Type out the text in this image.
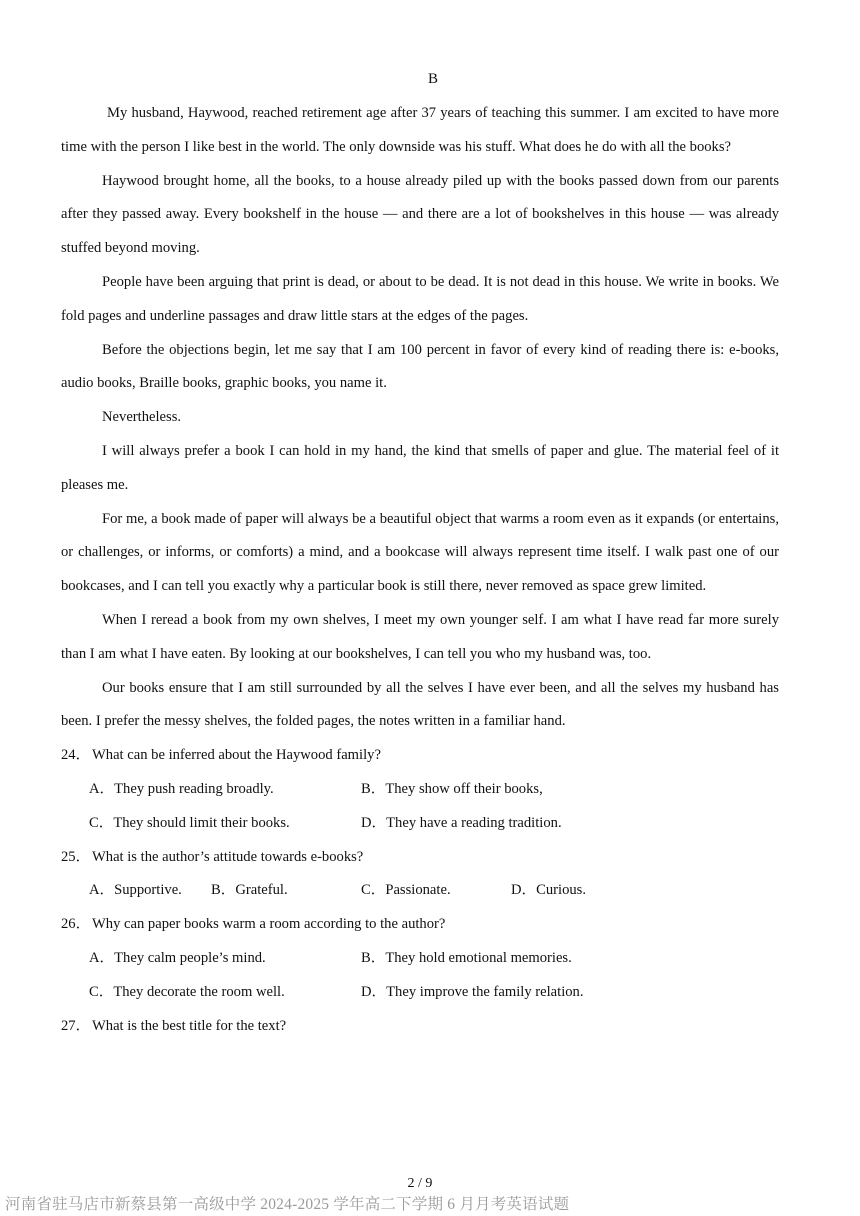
B

My husband, Haywood, reached retirement age after 37 years of teaching this summer. I am excited to have more time with the person I like best in the world. The only downside was his stuff. What does he do with all the books?

Haywood brought home, all the books, to a house already piled up with the books passed down from our parents after they passed away. Every bookshelf in the house — and there are a lot of bookshelves in this house — was already stuffed beyond moving.

People have been arguing that print is dead, or about to be dead. It is not dead in this house. We write in books. We fold pages and underline passages and draw little stars at the edges of the pages.

Before the objections begin, let me say that I am 100 percent in favor of every kind of reading there is: e-books, audio books, Braille books, graphic books, you name it.

Nevertheless.

I will always prefer a book I can hold in my hand, the kind that smells of paper and glue. The material feel of it pleases me.

For me, a book made of paper will always be a beautiful object that warms a room even as it expands (or entertains, or challenges, or informs, or comforts) a mind, and a bookcase will always represent time itself. I walk past one of our bookcases, and I can tell you exactly why a particular book is still there, never removed as space grew limited.

When I reread a book from my own shelves, I meet my own younger self. I am what I have read far more surely than I am what I have eaten. By looking at our bookshelves, I can tell you who my husband was, too.

Our books ensure that I am still surrounded by all the selves I have ever been, and all the selves my husband has been. I prefer the messy shelves, the folded pages, the notes written in a familiar hand.

24． What can be inferred about the Haywood family?
A．They push reading broadly.	B．They show off their books,
C．They should limit their books.	D．They have a reading tradition.
25． What is the author’s attitude towards e-books?
A．Supportive. B．Grateful.	C．Passionate.	D．Curious.
26． Why can paper books warm a room according to the author?
A．They calm people’s mind.	B．They hold emotional memories.
C．They decorate the room well.	D．They improve the family relation.
27． What is the best title for the text?
2 / 9
河南省驻马店市新蔡县第一高级中学 2024-2025 学年高二下学期 6 月月考英语试题
